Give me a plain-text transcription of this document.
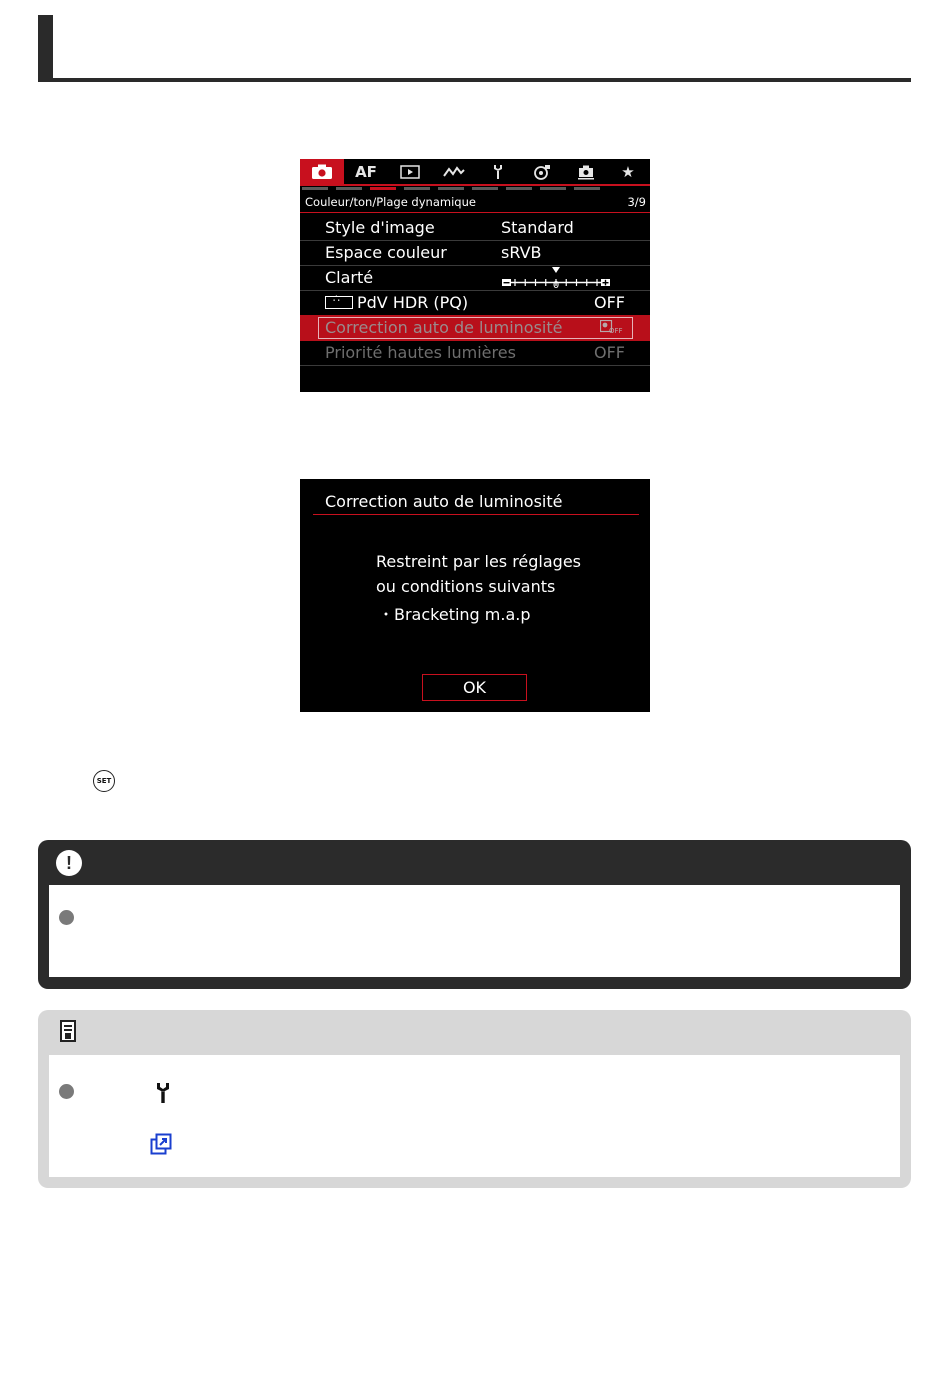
AF	★
Couleur/ton/Plage dynamique	3/9
Style d'image	Standard
Espace couleur	sRVB
Clarté	0
∴PdV HDR (PQ)	OFF
Correction auto de luminosité	OFF
Priorité hautes lumières	OFF
Correction auto de luminosité
Restreint par les réglages
ou conditions suivants
・Bracketing m.a.p
OK
SET
!
